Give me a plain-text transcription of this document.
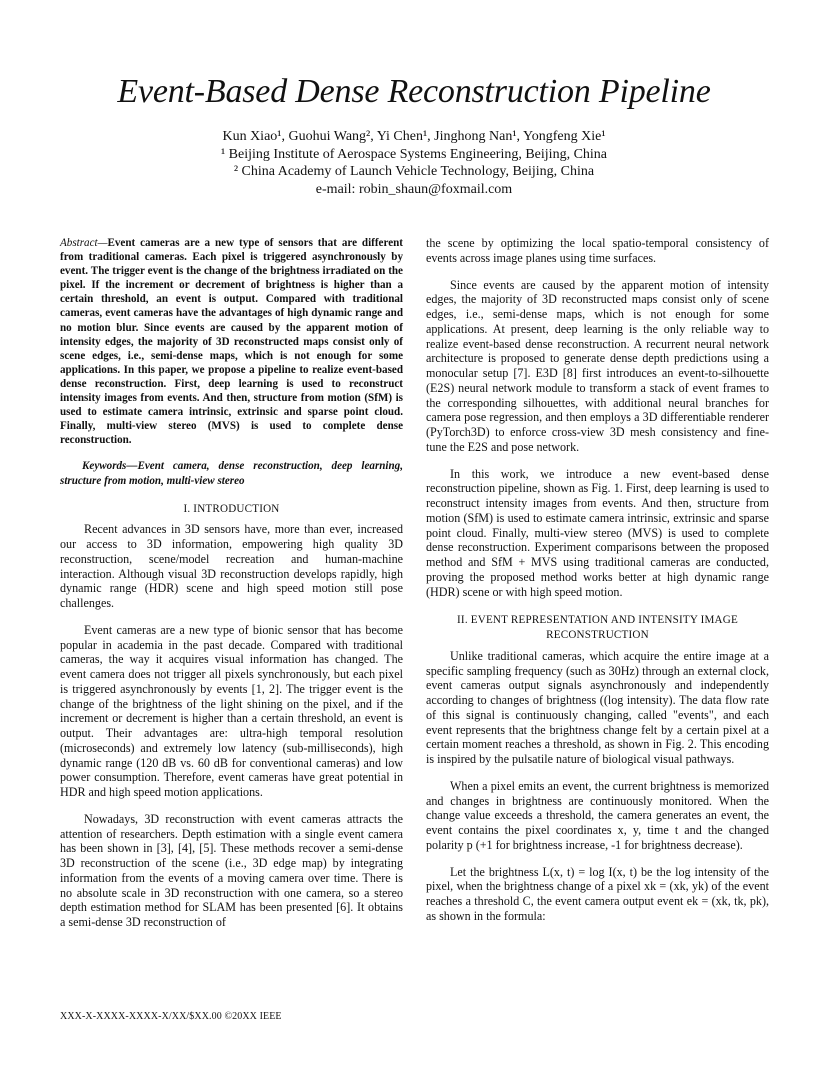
Event-Based Dense Reconstruction Pipeline
Kun Xiao¹, Guohui Wang², Yi Chen¹, Jinghong Nan¹, Yongfeng Xie¹
¹ Beijing Institute of Aerospace Systems Engineering, Beijing, China
² China Academy of Launch Vehicle Technology, Beijing, China
e-mail: robin_shaun@foxmail.com

Abstract—Event cameras are a new type of sensors that are different from traditional cameras. Each pixel is triggered asynchronously by event. The trigger event is the change of the brightness irradiated on the pixel. If the increment or decrement of brightness is higher than a certain threshold, an event is output. Compared with traditional cameras, event cameras have the advantages of high dynamic range and no motion blur. Since events are caused by the apparent motion of intensity edges, the majority of 3D reconstructed maps consist only of scene edges, i.e., semi-dense maps, which is not enough for some applications. In this paper, we propose a pipeline to realize event-based dense reconstruction. First, deep learning is used to reconstruct intensity images from events. And then, structure from motion (SfM) is used to estimate camera intrinsic, extrinsic and sparse point cloud. Finally, multi-view stereo (MVS) is used to complete dense reconstruction.

Keywords—Event camera, dense reconstruction, deep learning, structure from motion, multi-view stereo

I. INTRODUCTION

Recent advances in 3D sensors have, more than ever, increased our access to 3D information, empowering high quality 3D reconstruction, scene/model recreation and human-machine interaction. Although visual 3D reconstruction develops rapidly, high dynamic range (HDR) scene and high speed motion still pose challenges.

Event cameras are a new type of bionic sensor that has become popular in academia in the past decade. Compared with traditional cameras, the way it acquires visual information has changed. The event camera does not trigger all pixels synchronously, but each pixel is triggered asynchronously by events [1, 2]. The trigger event is the change of the brightness of the light shining on the pixel, and if the increment or decrement is higher than a certain threshold, an event is output. Their advantages are: ultra-high temporal resolution (microseconds) and extremely low latency (sub-milliseconds), high dynamic range (120 dB vs. 60 dB for conventional cameras) and low power consumption. Therefore, event cameras have great potential in HDR and high speed motion applications.

Nowadays, 3D reconstruction with event cameras attracts the attention of researchers. Depth estimation with a single event camera has been shown in [3], [4], [5]. These methods recover a semi-dense 3D reconstruction of the scene (i.e., 3D edge map) by integrating information from the events of a moving camera over time. There is no absolute scale in 3D reconstruction with one camera, so a stereo depth estimation method for SLAM has been presented [6]. It obtains a semi-dense 3D reconstruction of

the scene by optimizing the local spatio-temporal consistency of events across image planes using time surfaces.

Since events are caused by the apparent motion of intensity edges, the majority of 3D reconstructed maps consist only of scene edges, i.e., semi-dense maps, which is not enough for some applications. At present, deep learning is the only reliable way to realize event-based dense reconstruction. A recurrent neural network architecture is proposed to generate dense depth predictions using a monocular setup [7]. E3D [8] first introduces an event-to-silhouette (E2S) neural network module to transform a stack of event frames to the corresponding silhouettes, with additional neural branches for camera pose regression, and then employs a 3D differentiable renderer (PyTorch3D) to enforce cross-view 3D mesh consistency and fine-tune the E2S and pose network.

In this work, we introduce a new event-based dense reconstruction pipeline, shown as Fig. 1. First, deep learning is used to reconstruct intensity images from events. And then, structure from motion (SfM) is used to estimate camera intrinsic, extrinsic and sparse point cloud. Finally, multi-view stereo (MVS) is used to complete dense reconstruction. Experiment comparisons between the proposed method and SfM + MVS using traditional cameras are conducted, proving the proposed method works better at high dynamic range (HDR) scene or with high speed motion.

II. EVENT REPRESENTATION AND INTENSITY IMAGE
RECONSTRUCTION

Unlike traditional cameras, which acquire the entire image at a specific sampling frequency (such as 30Hz) through an external clock, event cameras output signals asynchronously and independently according to changes of brightness ((log intensity). The data flow rate of this signal is continuously changing, called "events", and each event represents that the brightness change felt by a certain pixel at a certain moment reaches a threshold, as shown in Fig. 2. This encoding is inspired by the pulsatile nature of biological visual pathways.

When a pixel emits an event, the current brightness is memorized and changes in brightness are continuously monitored. When the change value exceeds a threshold, the camera generates an event, the event contains the pixel coordinates x, y, time t and the changed polarity p (+1 for brightness increase, -1 for brightness decrease).

Let the brightness L(x, t) = log I(x, t) be the log intensity of the pixel, when the brightness change of a pixel xk = (xk, yk) of the event reaches a threshold C, the event camera output event ek = (xk, tk, pk), as shown in the formula:

XXX-X-XXXX-XXXX-X/XX/$XX.00 ©20XX IEEE
